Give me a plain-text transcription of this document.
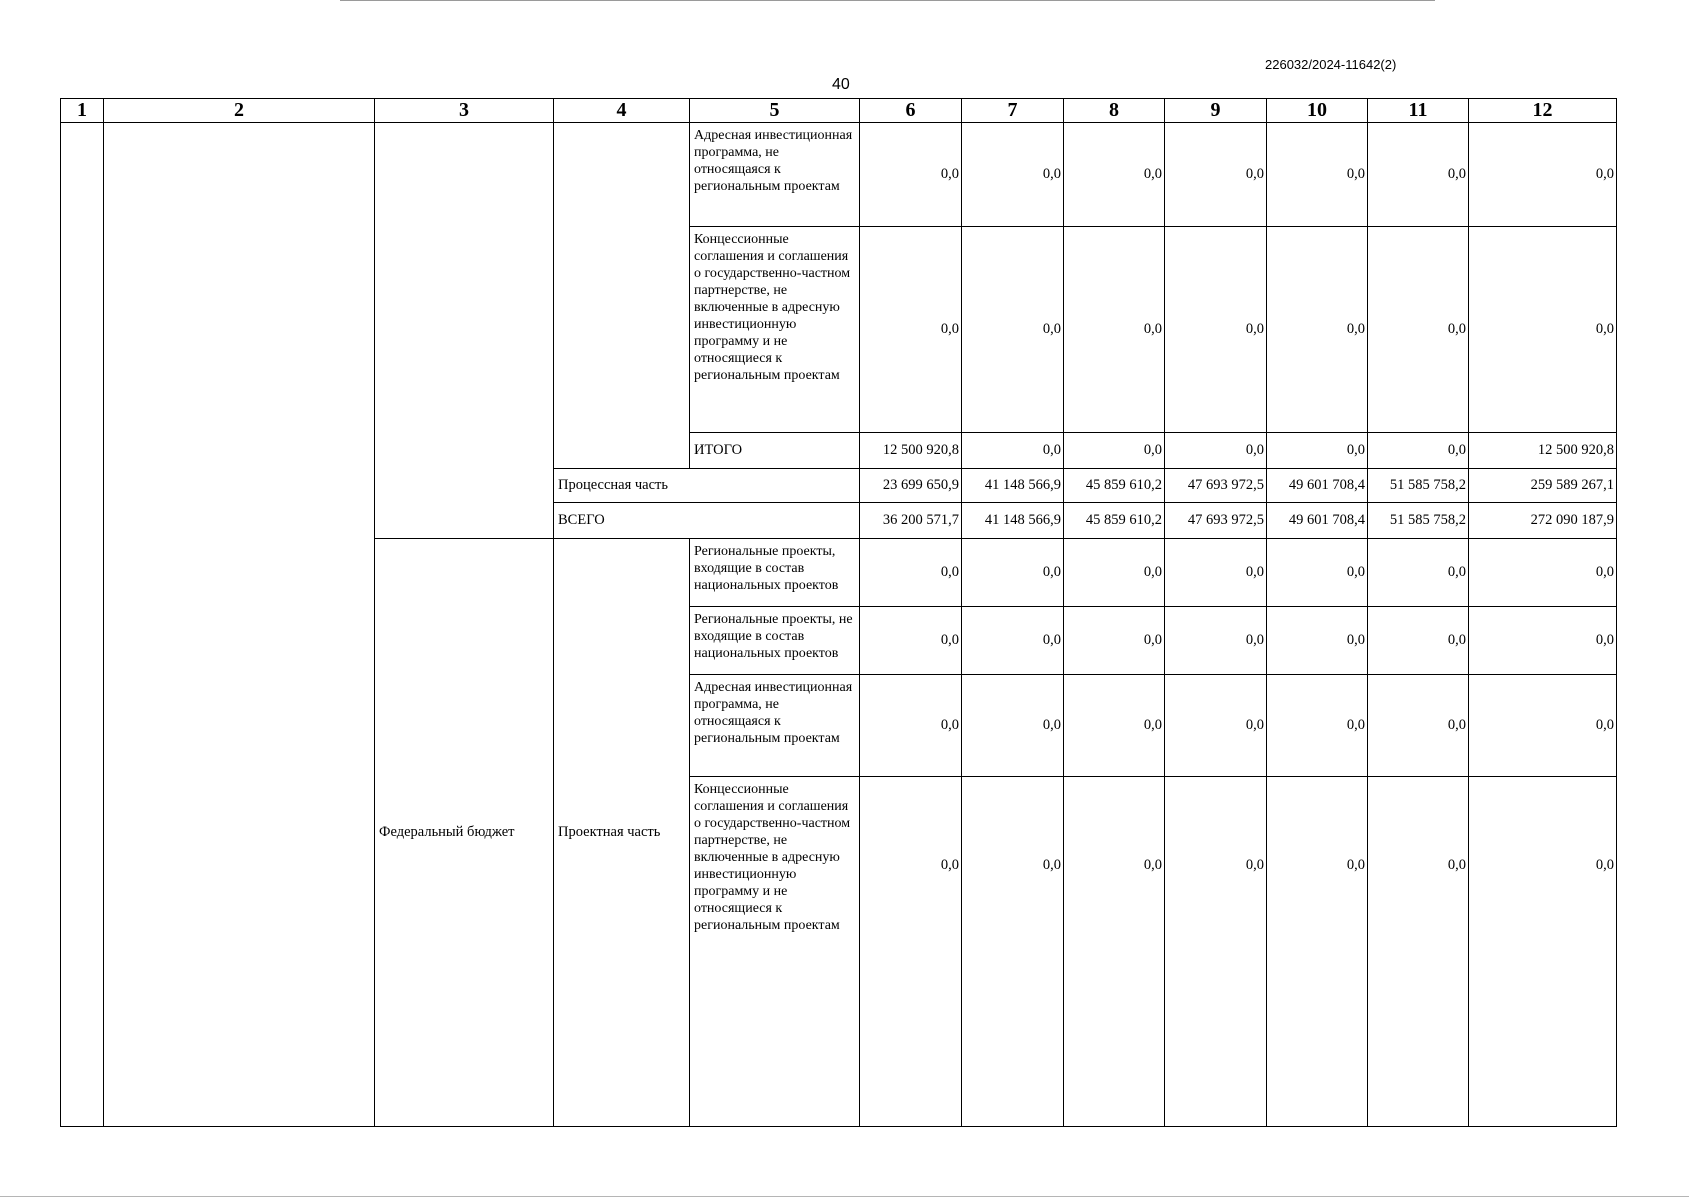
226032/2024-11642(2)
40
1	2	3	4	5	6	7	8	9	10	11	12
				Адресная инвестиционная программа, не относящаяся к региональным проектам	0,0	0,0	0,0	0,0	0,0	0,0	0,0
				Концессионные соглашения и соглашения о государственно-частном партнерстве, не включенные в адресную инвестиционную программу и не относящиеся к региональным проектам	0,0	0,0	0,0	0,0	0,0	0,0	0,0
				ИТОГО	12 500 920,8	0,0	0,0	0,0	0,0	0,0	12 500 920,8
			Процессная часть		23 699 650,9	41 148 566,9	45 859 610,2	47 693 972,5	49 601 708,4	51 585 758,2	259 589 267,1
			ВСЕГО		36 200 571,7	41 148 566,9	45 859 610,2	47 693 972,5	49 601 708,4	51 585 758,2	272 090 187,9
		Федеральный бюджет	Проектная часть	Региональные проекты, входящие в состав национальных проектов	0,0	0,0	0,0	0,0	0,0	0,0	0,0
				Региональные проекты, не входящие в состав национальных проектов	0,0	0,0	0,0	0,0	0,0	0,0	0,0
				Адресная инвестиционная программа, не относящаяся к региональным проектам	0,0	0,0	0,0	0,0	0,0	0,0	0,0
				Концессионные соглашения и соглашения о государственно-частном партнерстве, не включенные в адресную инвестиционную программу и не относящиеся к региональным проектам	0,0	0,0	0,0	0,0	0,0	0,0	0,0
